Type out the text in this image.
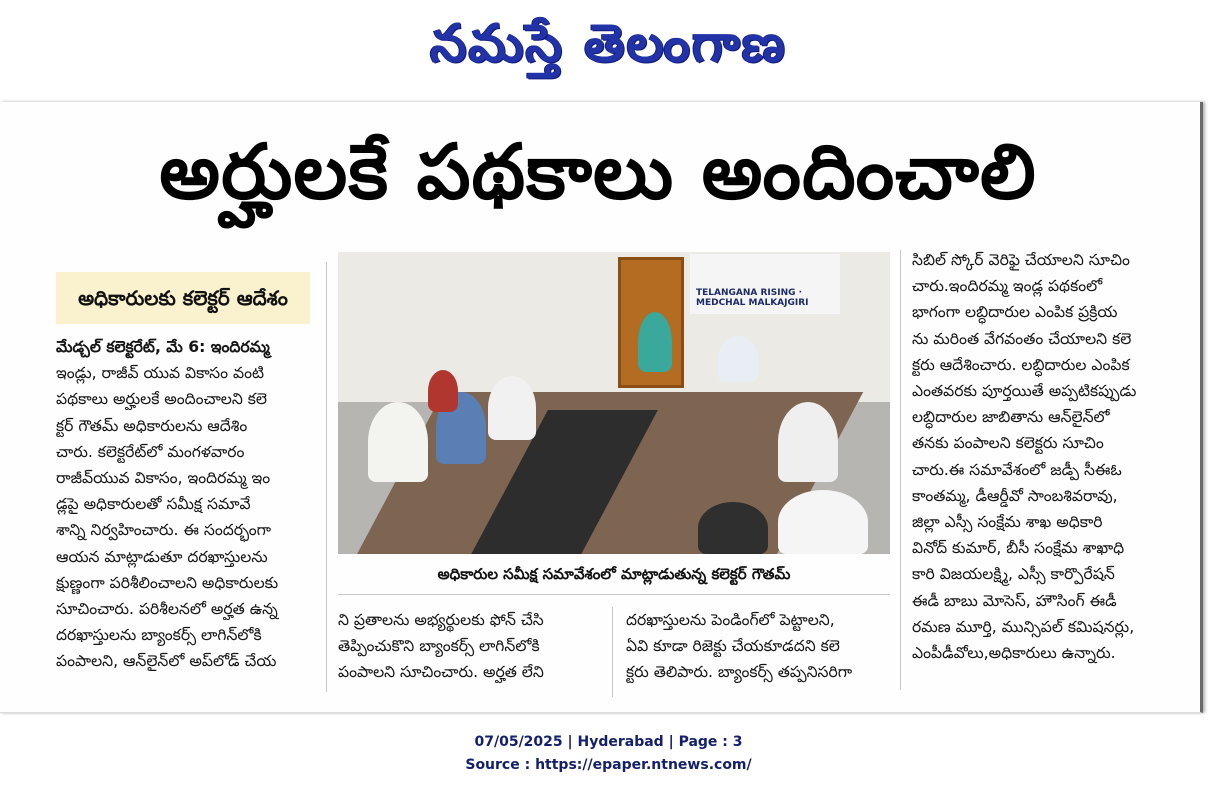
నమస్తే తెలంగాణ
అర్హులకే పథకాలు అందించాలి
అధికారులకు కలెక్టర్ ఆదేశం

మేడ్చల్ కలెక్టరేట్, మే 6: ఇందిరమ్మ

ఇండ్లు, రాజీవ్ యువ వికాసం వంటి

పథకాలు అర్హులకే అందించాలని కలె

క్టర్ గౌతమ్ అధికారులను ఆదేశిం

చారు. కలెక్టరేట్‌లో మంగళవారం

రాజీవ్‌యువ వికాసం, ఇందిరమ్మ ఇం

డ్లపై అధికారులతో సమీక్ష సమావే

శాన్ని నిర్వహించారు. ఈ సందర్భంగా

ఆయన మాట్లాడుతూ దరఖాస్తులను

క్షుణ్ణంగా పరిశీలించాలని అధికారులకు

సూచించారు. పరిశీలనలో అర్హత ఉన్న

దరఖాస్తులను బ్యాంకర్స్ లాగిన్‌లోకి

పంపాలని, ఆన్‌లైన్‌లో అప్‌లోడ్ చేయ

TELANGANA RISING · MEDCHAL MALKAJGIRI
అధికారుల సమీక్ష సమావేశంలో మాట్లాడుతున్న కలెక్టర్ గౌతమ్

ని ప్రతాలను అభ్యర్థులకు ఫోన్ చేసి

తెప్పించుకొని బ్యాంకర్స్ లాగిన్‌లోకి

పంపాలని సూచించారు. అర్హత లేని

దరఖాస్తులను పెండింగ్‌లో పెట్టాలని,

ఏవి కూడా రిజెక్టు చేయకూడదని కలె

క్టరు తెలిపారు. బ్యాంకర్స్ తప్పనిసరిగా

సిబిల్ స్కోర్ వెరిఫై చేయాలని సూచిం

చారు.ఇందిరమ్మ ఇండ్ల పథకంలో

భాగంగా లబ్ధిదారుల ఎంపిక ప్రక్రియ

ను మరింత వేగవంతం చేయాలని కలె

క్టరు ఆదేశించారు. లబ్ధిదారుల ఎంపిక

ఎంతవరకు పూర్తయితే అప్పటికప్పుడు

లబ్ధిదారుల జాబితాను ఆన్‌లైన్‌లో

తనకు పంపాలని కలెక్టరు సూచిం

చారు.ఈ సమావేశంలో జడ్పీ సీఈఓ

కాంతమ్మ, డీఆర్డీవో సాంబశివరావు,

జిల్లా ఎస్సీ సంక్షేమ శాఖ అధికారి

వినోద్ కుమార్, బీసీ సంక్షేమ శాఖాధి

కారి విజయలక్ష్మి, ఎస్సీ కార్పొరేషన్

ఈడీ బాబు మోసెస్, హౌసింగ్ ఈడీ

రమణ మూర్తి, మున్సిపల్ కమిషనర్లు,

ఎంపీడీవోలు,అధికారులు ఉన్నారు.

07/05/2025 | Hyderabad | Page : 3
Source : https://epaper.ntnews.com/
